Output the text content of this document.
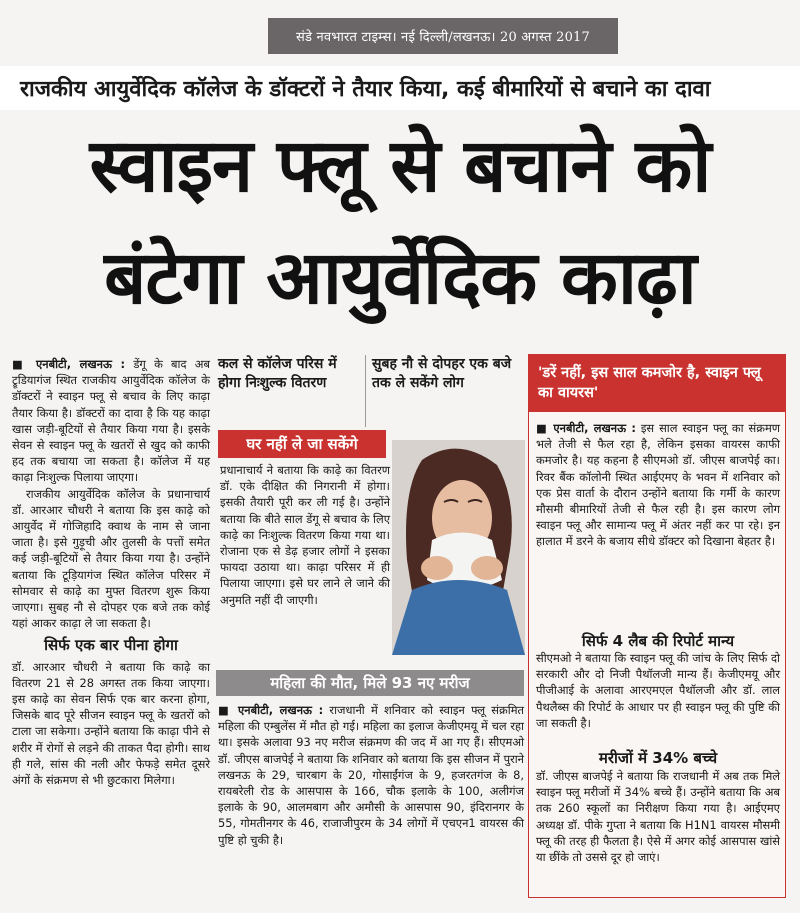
संडे नवभारत टाइम्स। नई दिल्ली/लखनऊ। 20 अगस्त 2017
राजकीय आयुर्वेदिक कॉलेज के डॉक्टरों ने तैयार किया, कई बीमारियों से बचाने का दावा
स्वाइन फ्लू से बचाने को
बंटेगा आयुर्वेदिक काढ़ा

■ एनबीटी, लखनऊ : डेंगू के बाद अब ट्रूडियागंज स्थित राजकीय आयुर्वेदिक कॉलेज के डॉक्टरों ने स्वाइन फ्लू से बचाव के लिए काढ़ा तैयार किया है। डॉक्टरों का दावा है कि यह काढ़ा खास जड़ी-बूटियों से तैयार किया गया है। इसके सेवन से स्वाइन फ्लू के खतरों से खुद को काफी हद तक बचाया जा सकता है। कॉलेज में यह काढ़ा निःशुल्क पिलाया जाएगा।

राजकीय आयुर्वेदिक कॉलेज के प्रधानाचार्य डॉ. आरआर चौधरी ने बताया कि इस काढ़े को आयुर्वेद में गोजिहादि क्वाथ के नाम से जाना जाता है। इसे गुड़ूची और तुलसी के पत्तों समेत कई जड़ी-बूटियों से तैयार किया गया है। उन्होंने बताया कि टूड़ियागंज स्थित कॉलेज परिसर में सोमवार से काढ़े का मुफ्त वितरण शुरू किया जाएगा। सुबह नौ से दोपहर एक बजे तक कोई यहां आकर काढ़ा ले जा सकता है।

सिर्फ एक बार पीना होगा

डॉ. आरआर चौधरी ने बताया कि काढ़े का वितरण 21 से 28 अगस्त तक किया जाएगा। इस काढ़े का सेवन सिर्फ एक बार करना होगा, जिसके बाद पूरे सीजन स्वाइन फ्लू के खतरों को टाला जा सकेगा। उन्होंने बताया कि काढ़ा पीने से शरीर में रोगों से लड़ने की ताकत पैदा होगी। साथ ही गले, सांस की नली और फेफड़े समेत दूसरे अंगों के संक्रमण से भी छुटकारा मिलेगा।

कल से कॉलेज परिस में होगा निःशुल्क वितरण
सुबह नौ से दोपहर एक बजे तक ले सकेंगे लोग
घर नहीं ले जा सकेंगे
प्रधानाचार्य ने बताया कि काढ़े का वितरण डॉ. एके दीक्षित की निगरानी में होगा। इसकी तैयारी पूरी कर ली गई है। उन्होंने बताया कि बीते साल डेंगू से बचाव के लिए काढ़े का निःशुल्क वितरण किया गया था। रोजाना एक से डेढ़ हजार लोगों ने इसका फायदा उठाया था। काढ़ा परिसर में ही पिलाया जाएगा। इसे घर लाने ले जाने की अनुमति नहीं दी जाएगी।
महिला की मौत, मिले 93 नए मरीज
■ एनबीटी, लखनऊ : राजधानी में शनिवार को स्वाइन फ्लू संक्रमित महिला की एम्बुलेंस में मौत हो गई। महिला का इलाज केजीएमयू में चल रहा था। इसके अलावा 93 नए मरीज संक्रमण की जद में आ गए हैं। सीएमओ डॉ. जीएस बाजपेई ने बताया कि शनिवार को बताया कि इस सीजन में पुराने लखनऊ के 29, चारबाग के 20, गोसाईंगंज के 9, हजरतगंज के 8, रायबरेली रोड के आसपास के 166, चौक इलाके के 100, अलीगंज इलाके के 90, आलमबाग और अमौसी के आसपास 90, इंदिरानगर के 55, गोमतीनगर के 46, राजाजीपुरम के 34 लोगों में एचएन1 वायरस की पुष्टि हो चुकी है।
'डरें नहीं, इस साल कमजोर है, स्वाइन फ्लू का वायरस'
■ एनबीटी, लखनऊ : इस साल स्वाइन फ्लू का संक्रमण भले तेजी से फैल रहा है, लेकिन इसका वायरस काफी कमजोर है। यह कहना है सीएमओ डॉ. जीएस बाजपेई का। रिवर बैंक कॉलोनी स्थित आईएमए के भवन में शनिवार को एक प्रेस वार्ता के दौरान उन्होंने बताया कि गर्मी के कारण मौसमी बीमारियों तेजी से फैल रही है। इस कारण लोग स्वाइन फ्लू और सामान्य फ्लू में अंतर नहीं कर पा रहे। इन हालात में डरने के बजाय सीधे डॉक्टर को दिखाना बेहतर है।
सिर्फ 4 लैब की रिपोर्ट मान्य
सीएमओ ने बताया कि स्वाइन फ्लू की जांच के लिए सिर्फ दो सरकारी और दो निजी पैथॉलजी मान्य हैं। केजीएमयू और पीजीआई के अलावा आरएमएल पैथॉलजी और डॉ. लाल पैथलैब्स की रिपोर्ट के आधार पर ही स्वाइन फ्लू की पुष्टि की जा सकती है।
मरीजों में 34% बच्चे
डॉ. जीएस बाजपेई ने बताया कि राजधानी में अब तक मिले स्वाइन फ्लू मरीजों में 34% बच्चे हैं। उन्होंने बताया कि अब तक 260 स्कूलों का निरीक्षण किया गया है। आईएमए अध्यक्ष डॉ. पीके गुप्ता ने बताया कि H1N1 वायरस मौसमी फ्लू की तरह ही फैलता है। ऐसे में अगर कोई आसपास खांसे या छींके तो उससे दूर हो जाएं।
